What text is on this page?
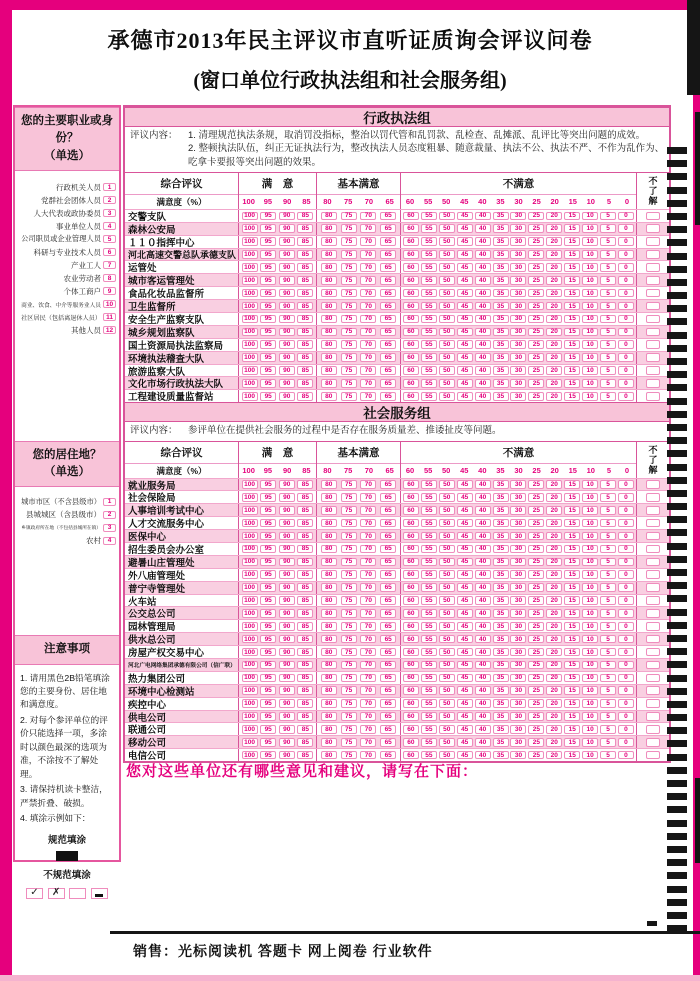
承德市2013年民主评议市直听证质询会评议问卷
(窗口单位行政执法组和社会服务组)
您的主要职业或身份？
（单选）
行政机关人员	1
党群社会团体人员	2
人大代表或政协委员	3
事业单位人员	4
公司职员或企业管理人员	5
科研与专业技术人员	6
产业工人	7
农业劳动者	8
个体工商户	9
商业、饮食、中介等服务业人员 10
社区居民（包括离退休人员） 11
其他人员 12
您的居住地？
（单选）
城市市区（不含县级市）	1
县城城区（含县级市）	2
乡镇政府所在地（不包括县城所在镇）	3
农村	4
注意事项
1. 请用黑色2B铅笔填涂您的主要身份、居住地和满意度。
2. 对每个参评单位的评价只能选择一项，多涂时以颜色最深的选项为准，不涂按不了解处理。
3. 请保持机读卡整洁，严禁折叠、破损。
4. 填涂示例如下：
规范填涂
不规范填涂
✓ ✗
行政执法组
评议内容：	1. 清理规范执法条规，取消罚没指标，整治以罚代管和乱罚款、乱检查、乱摊派、乱评比等突出问题的成效。
2. 整顿执法队伍，纠正无证执法行为，整改执法人员态度粗暴、随意裁量、执法不公、执法不严、不作为乱作为、吃拿卡要报等突出问题的效果。
综合评议
满意度（%）
满　意
100	95	90	85
基本满意
80	75	70	65
不满意
60	55	50	45	40	35	30	25	20	15	10	5	0	不了解
交警支队	100	95	90	85	80	75	70	65	60	55	50	45	40	35	30	25	20	15	10	5	0
森林公安局	100	95	90	85	80	75	70	65	60	55	50	45	40	35	30	25	20	15	10	5	0
１１０指挥中心	100	95	90	85	80	75	70	65	60	55	50	45	40	35	30	25	20	15	10	5	0
河北高速交警总队承德支队	100	95	90	85	80	75	70	65	60	55	50	45	40	35	30	25	20	15	10	5	0
运管处	100	95	90	85	80	75	70	65	60	55	50	45	40	35	30	25	20	15	10	5	0
城市客运管理处	100	95	90	85	80	75	70	65	60	55	50	45	40	35	30	25	20	15	10	5	0
食品化妆品监督所	100	95	90	85	80	75	70	65	60	55	50	45	40	35	30	25	20	15	10	5	0
卫生监督所	100	95	90	85	80	75	70	65	60	55	50	45	40	35	30	25	20	15	10	5	0
安全生产监察支队	100	95	90	85	80	75	70	65	60	55	50	45	40	35	30	25	20	15	10	5	0
城乡规划监察队	100	95	90	85	80	75	70	65	60	55	50	45	40	35	30	25	20	15	10	5	0
国土资源局执法监察局	100	95	90	85	80	75	70	65	60	55	50	45	40	35	30	25	20	15	10	5	0
环境执法稽查大队	100	95	90	85	80	75	70	65	60	55	50	45	40	35	30	25	20	15	10	5	0
旅游监察大队	100	95	90	85	80	75	70	65	60	55	50	45	40	35	30	25	20	15	10	5	0
文化市场行政执法大队	100	95	90	85	80	75	70	65	60	55	50	45	40	35	30	25	20	15	10	5	0
工程建设质量监督站	100	95	90	85	80	75	70	65	60	55	50	45	40	35	30	25	20	15	10	5	0
社会服务组
评议内容：	参评单位在提供社会服务的过程中是否存在服务质量差、推诿扯皮等问题。
综合评议
满意度（%）
满　意
100	95	90	85
基本满意
80	75	70	65
不满意
60	55	50	45	40	35	30	25	20	15	10	5	0	不了解
就业服务局	100	95	90	85	80	75	70	65	60	55	50	45	40	35	30	25	20	15	10	5	0
社会保险局	100	95	90	85	80	75	70	65	60	55	50	45	40	35	30	25	20	15	10	5	0
人事培训考试中心	100	95	90	85	80	75	70	65	60	55	50	45	40	35	30	25	20	15	10	5	0
人才交流服务中心	100	95	90	85	80	75	70	65	60	55	50	45	40	35	30	25	20	15	10	5	0
医保中心	100	95	90	85	80	75	70	65	60	55	50	45	40	35	30	25	20	15	10	5	0
招生委员会办公室	100	95	90	85	80	75	70	65	60	55	50	45	40	35	30	25	20	15	10	5	0
避暑山庄管理处	100	95	90	85	80	75	70	65	60	55	50	45	40	35	30	25	20	15	10	5	0
外八庙管理处	100	95	90	85	80	75	70	65	60	55	50	45	40	35	30	25	20	15	10	5	0
普宁寺管理处	100	95	90	85	80	75	70	65	60	55	50	45	40	35	30	25	20	15	10	5	0
火车站	100	95	90	85	80	75	70	65	60	55	50	45	40	35	30	25	20	15	10	5	0
公交总公司	100	95	90	85	80	75	70	65	60	55	50	45	40	35	30	25	20	15	10	5	0
园林管理局	100	95	90	85	80	75	70	65	60	55	50	45	40	35	30	25	20	15	10	5	0
供水总公司	100	95	90	85	80	75	70	65	60	55	50	45	40	35	30	25	20	15	10	5	0
房屋产权交易中心	100	95	90	85	80	75	70	65	60	55	50	45	40	35	30	25	20	15	10	5	0
河北广电网络集团承德有限公司（信广联）	100	95	90	85	80	75	70	65	60	55	50	45	40	35	30	25	20	15	10	5	0
热力集团公司	100	95	90	85	80	75	70	65	60	55	50	45	40	35	30	25	20	15	10	5	0
环境中心检测站	100	95	90	85	80	75	70	65	60	55	50	45	40	35	30	25	20	15	10	5	0
疾控中心	100	95	90	85	80	75	70	65	60	55	50	45	40	35	30	25	20	15	10	5	0
供电公司	100	95	90	85	80	75	70	65	60	55	50	45	40	35	30	25	20	15	10	5	0
联通公司	100	95	90	85	80	75	70	65	60	55	50	45	40	35	30	25	20	15	10	5	0
移动公司	100	95	90	85	80	75	70	65	60	55	50	45	40	35	30	25	20	15	10	5	0
电信公司	100	95	90	85	80	75	70	65	60	55	50	45	40	35	30	25	20	15	10	5	0
您对这些单位还有哪些意见和建议，请写在下面：
销售：光标阅读机 答题卡 网上阅卷 行业软件
